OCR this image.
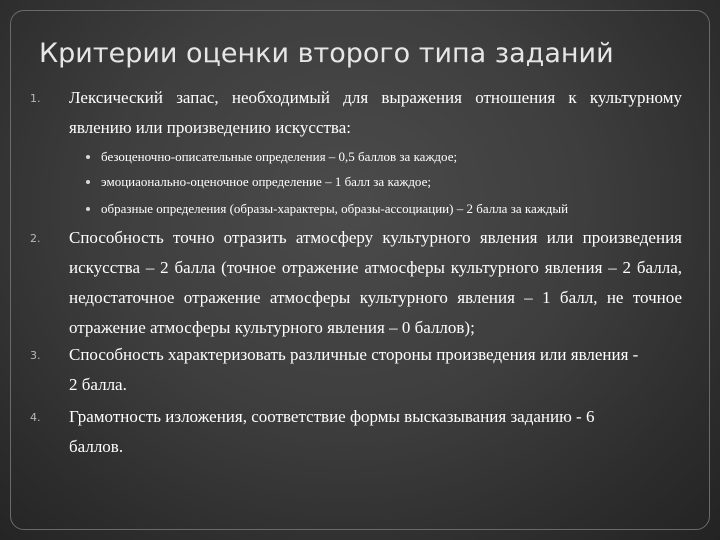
Критерии оценки второго типа заданий
1.	Лексический запас, необходимый для выражения отношения к культурному явлению или произведению искусства:
безоценочно-описательные определения – 0,5 баллов за каждое;
эмоциаонально-оценочное определение – 1 балл за каждое;
образные определения (образы-характеры, образы-ассоциации) – 2 балла за каждый
2.	Способность точно отразить атмосферу культурного явления или произведения искусства – 2 балла (точное отражение атмосферы культурного явления – 2 балла, недостаточное отражение атмосферы культурного явления – 1 балл, не точное отражение атмосферы культурного явления – 0 баллов);
3.	Способность характеризовать различные стороны произведения или явления -
2 балла.
4.	Грамотность изложения, соответствие формы высказывания заданию - 6
баллов.
